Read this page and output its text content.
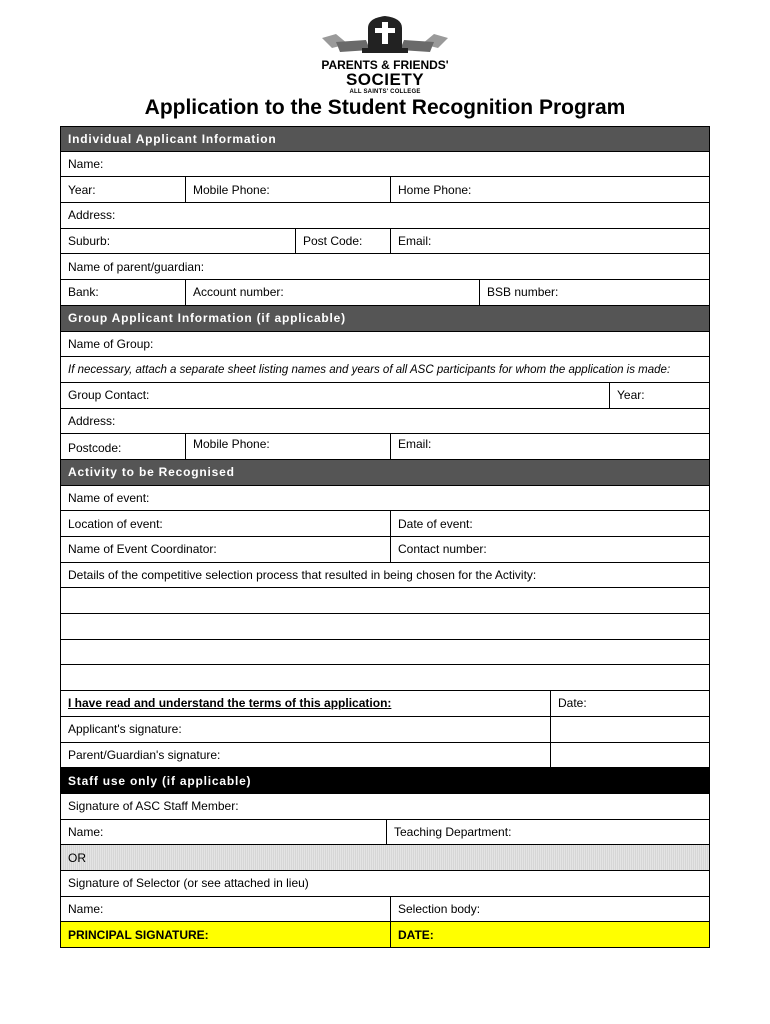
PARENTS & FRIENDS'
SOCIETY
ALL SAINTS' COLLEGE
Application to the Student Recognition Program
Individual Applicant Information
Name:
Year:	Mobile Phone:	Home Phone:
Address:
Suburb:	Post Code:	Email:
Name of parent/guardian:
Bank:	Account number:	BSB number:
Group Applicant Information (if applicable)
Name of Group:
If necessary, attach a separate sheet listing names and years of all ASC participants for whom the application is made:
Group Contact:	Year:
Address:
Postcode:	Mobile Phone:	Email:
Activity to be Recognised
Name of event:
Location of event:	Date of event:
Name of Event Coordinator:	Contact number:
Details of the competitive selection process that resulted in being chosen for the Activity:
I have read and understand the terms of this application:	Date:
Applicant's signature:
Parent/Guardian's signature:
Staff use only (if applicable)
Signature of ASC Staff Member:
Name:	Teaching Department:
OR
Signature of Selector (or see attached in lieu)
Name:	Selection body:
PRINCIPAL SIGNATURE:	DATE:
